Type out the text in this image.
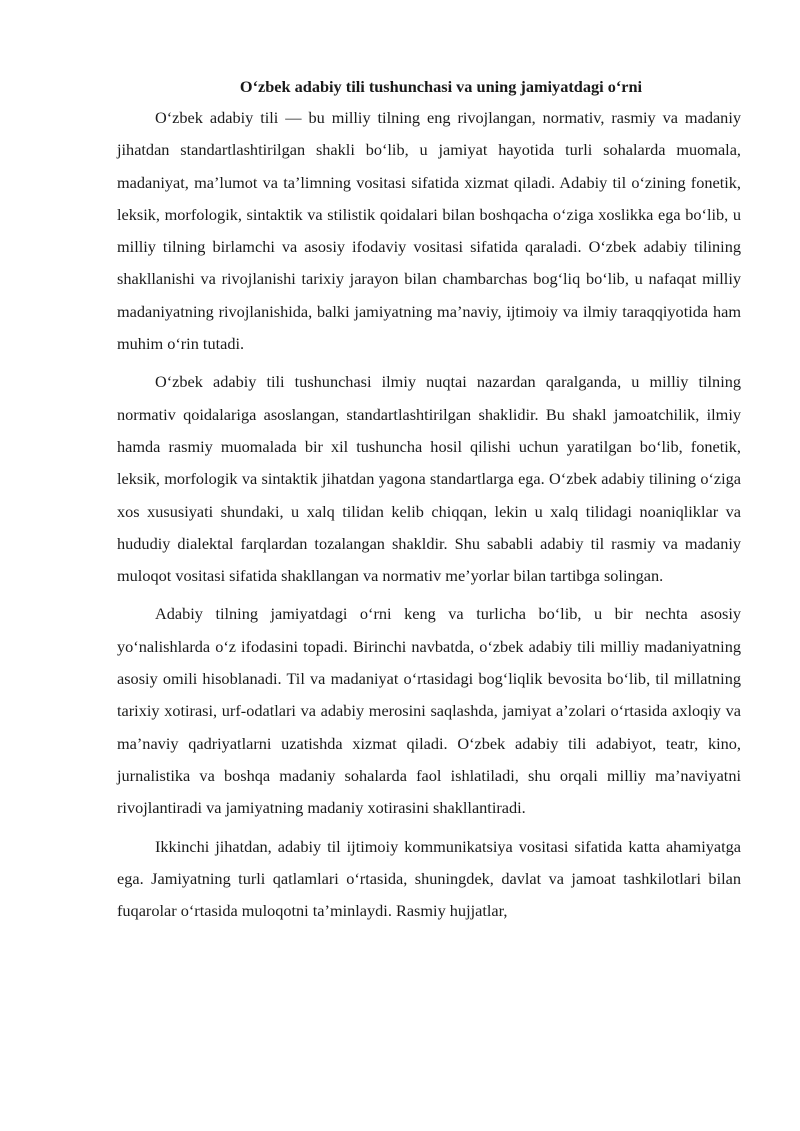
O‘zbek adabiy tili tushunchasi va uning jamiyatdagi o‘rni

O‘zbek adabiy tili — bu milliy tilning eng rivojlangan, normativ, rasmiy va madaniy jihatdan standartlashtirilgan shakli bo‘lib, u jamiyat hayotida turli sohalarda muomala, madaniyat, ma’lumot va ta’limning vositasi sifatida xizmat qiladi. Adabiy til o‘zining fonetik, leksik, morfologik, sintaktik va stilistik qoidalari bilan boshqacha o‘ziga xoslikka ega bo‘lib, u milliy tilning birlamchi va asosiy ifodaviy vositasi sifatida qaraladi. O‘zbek adabiy tilining shakllanishi va rivojlanishi tarixiy jarayon bilan chambarchas bog‘liq bo‘lib, u nafaqat milliy madaniyatning rivojlanishida, balki jamiyatning ma’naviy, ijtimoiy va ilmiy taraqqiyotida ham muhim o‘rin tutadi.

O‘zbek adabiy tili tushunchasi ilmiy nuqtai nazardan qaralganda, u milliy tilning normativ qoidalariga asoslangan, standartlashtirilgan shaklidir. Bu shakl jamoatchilik, ilmiy hamda rasmiy muomalada bir xil tushuncha hosil qilishi uchun yaratilgan bo‘lib, fonetik, leksik, morfologik va sintaktik jihatdan yagona standartlarga ega. O‘zbek adabiy tilining o‘ziga xos xususiyati shundaki, u xalq tilidan kelib chiqqan, lekin u xalq tilidagi noaniqliklar va hududiy dialektal farqlardan tozalangan shakldir. Shu sababli adabiy til rasmiy va madaniy muloqot vositasi sifatida shakllangan va normativ me’yorlar bilan tartibga solingan.

Adabiy tilning jamiyatdagi o‘rni keng va turlicha bo‘lib, u bir nechta asosiy yo‘nalishlarda o‘z ifodasini topadi. Birinchi navbatda, o‘zbek adabiy tili milliy madaniyatning asosiy omili hisoblanadi. Til va madaniyat o‘rtasidagi bog‘liqlik bevosita bo‘lib, til millatning tarixiy xotirasi, urf-odatlari va adabiy merosini saqlashda, jamiyat a’zolari o‘rtasida axloqiy va ma’naviy qadriyatlarni uzatishda xizmat qiladi. O‘zbek adabiy tili adabiyot, teatr, kino, jurnalistika va boshqa madaniy sohalarda faol ishlatiladi, shu orqali milliy ma’naviyatni rivojlantiradi va jamiyatning madaniy xotirasini shakllantiradi.

Ikkinchi jihatdan, adabiy til ijtimoiy kommunikatsiya vositasi sifatida katta ahamiyatga ega. Jamiyatning turli qatlamlari o‘rtasida, shuningdek, davlat va jamoat tashkilotlari bilan fuqarolar o‘rtasida muloqotni ta’minlaydi. Rasmiy hujjatlar,
